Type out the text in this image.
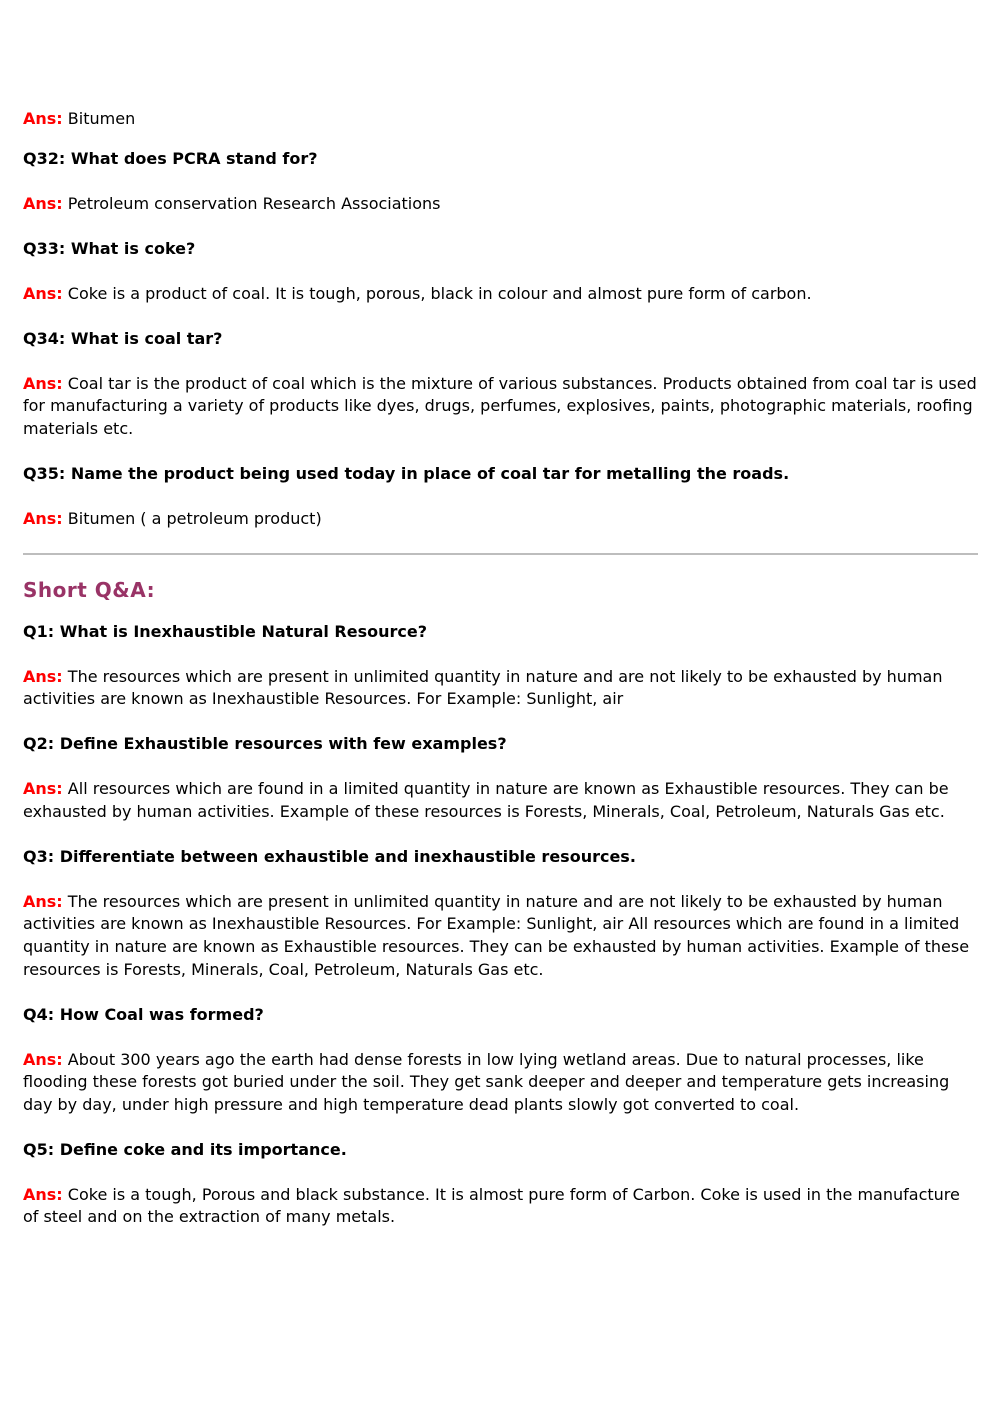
Ans: Bitumen
Q32: What does PCRA stand for?
Ans: Petroleum conservation Research Associations
Q33: What is coke?
Ans: Coke is a product of coal. It is tough, porous, black in colour and almost pure form of carbon.
Q34: What is coal tar?
Ans: Coal tar is the product of coal which is the mixture of various substances. Products obtained from coal tar is used for manufacturing a variety of products like dyes, drugs, perfumes, explosives, paints, photographic materials, roofing materials etc.
Q35: Name the product being used today in place of coal tar for metalling the roads.
Ans: Bitumen ( a petroleum product)
Short Q&A:
Q1: What is Inexhaustible Natural Resource?
Ans: The resources which are present in unlimited quantity in nature and are not likely to be exhausted by human activities are known as Inexhaustible Resources. For Example: Sunlight, air
Q2: Define Exhaustible resources with few examples?
Ans: All resources which are found in a limited quantity in nature are known as Exhaustible resources. They can be exhausted by human activities. Example of these resources is Forests, Minerals, Coal, Petroleum, Naturals Gas etc.
Q3: Differentiate between exhaustible and inexhaustible resources.
Ans: The resources which are present in unlimited quantity in nature and are not likely to be exhausted by human activities are known as Inexhaustible Resources. For Example: Sunlight, air All resources which are found in a limited quantity in nature are known as Exhaustible resources. They can be exhausted by human activities. Example of these resources is Forests, Minerals, Coal, Petroleum, Naturals Gas etc.
Q4: How Coal was formed?
Ans: About 300 years ago the earth had dense forests in low lying wetland areas. Due to natural processes, like flooding these forests got buried under the soil. They get sank deeper and deeper and temperature gets increasing day by day, under high pressure and high temperature dead plants slowly got converted to coal.
Q5: Define coke and its importance.
Ans: Coke is a tough, Porous and black substance. It is almost pure form of Carbon. Coke is used in the manufacture of steel and on the extraction of many metals.
